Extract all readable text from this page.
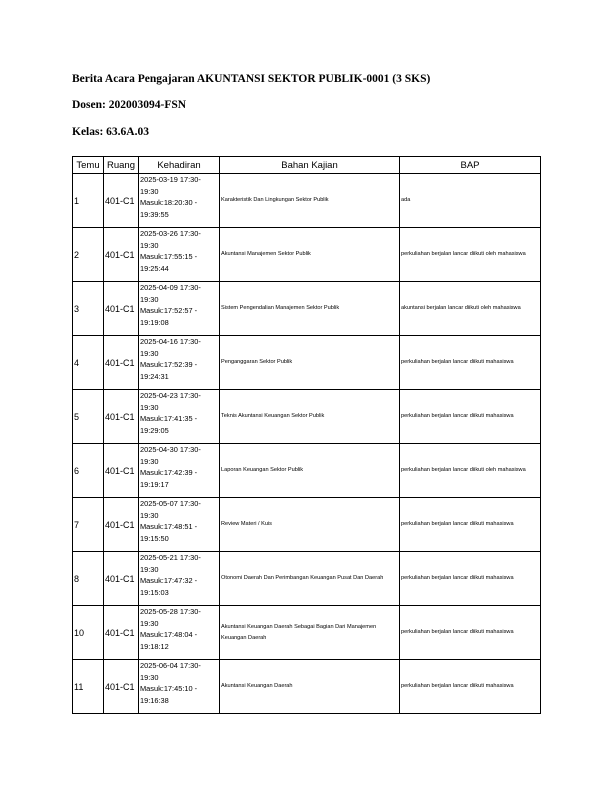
Berita Acara Pengajaran AKUNTANSI SEKTOR PUBLIK-0001 (3 SKS)

Dosen: 202003094-FSN

Kelas: 63.6A.03

Temu	Ruang	Kehadiran	Bahan Kajian	BAP
1	401-C1	2025-03-19 17:30-19:30
Masuk:18:20:30 -
19:39:55	Karakteristik Dan Lingkungan Sektor Publik	ada
2	401-C1	2025-03-26 17:30-19:30
Masuk:17:55:15 -
19:25:44	Akuntansi Manajemen Sektor Publik	perkuliahan berjalan lancar diikuti oleh mahasiswa
3	401-C1	2025-04-09 17:30-19:30
Masuk:17:52:57 -
19:19:08	Sistem Pengendalian Manajemen Sektor Publik	akuntansi berjalan lancar diikuti oleh mahasiswa
4	401-C1	2025-04-16 17:30-19:30
Masuk:17:52:39 -
19:24:31	Penganggaran Sektor Publik	perkuliahan berjalan lancar diikuti mahasiswa
5	401-C1	2025-04-23 17:30-19:30
Masuk:17:41:35 -
19:29:05	Teknis Akuntansi Keuangan Sektor Publik	perkuliahan berjalan lancar diikuti mahasiswa
6	401-C1	2025-04-30 17:30-19:30
Masuk:17:42:39 -
19:19:17	Laporan Keuangan Sektor Publik	perkuliahan berjalan lancar diikuti oleh mahasiswa
7	401-C1	2025-05-07 17:30-19:30
Masuk:17:48:51 -
19:15:50	Review Materi / Kuis	perkuliahan berjalan lancar diikuti mahasiswa
8	401-C1	2025-05-21 17:30-19:30
Masuk:17:47:32 -
19:15:03	Otonomi Daerah Dan Perimbangan Keuangan Pusat Dan Daerah	perkuliahan berjalan lancar diikuti mahasiswa
10	401-C1	2025-05-28 17:30-19:30
Masuk:17:48:04 -
19:18:12	Akuntansi Keuangan Daerah Sebagai Bagian Dari Manajemen Keuangan Daerah	perkuliahan berjalan lancar diikuti mahasiswa
11	401-C1	2025-06-04 17:30-19:30
Masuk:17:45:10 -
19:16:38	Akuntansi Keuangan Daerah	perkuliahan berjalan lancar diikuti mahasiswa
